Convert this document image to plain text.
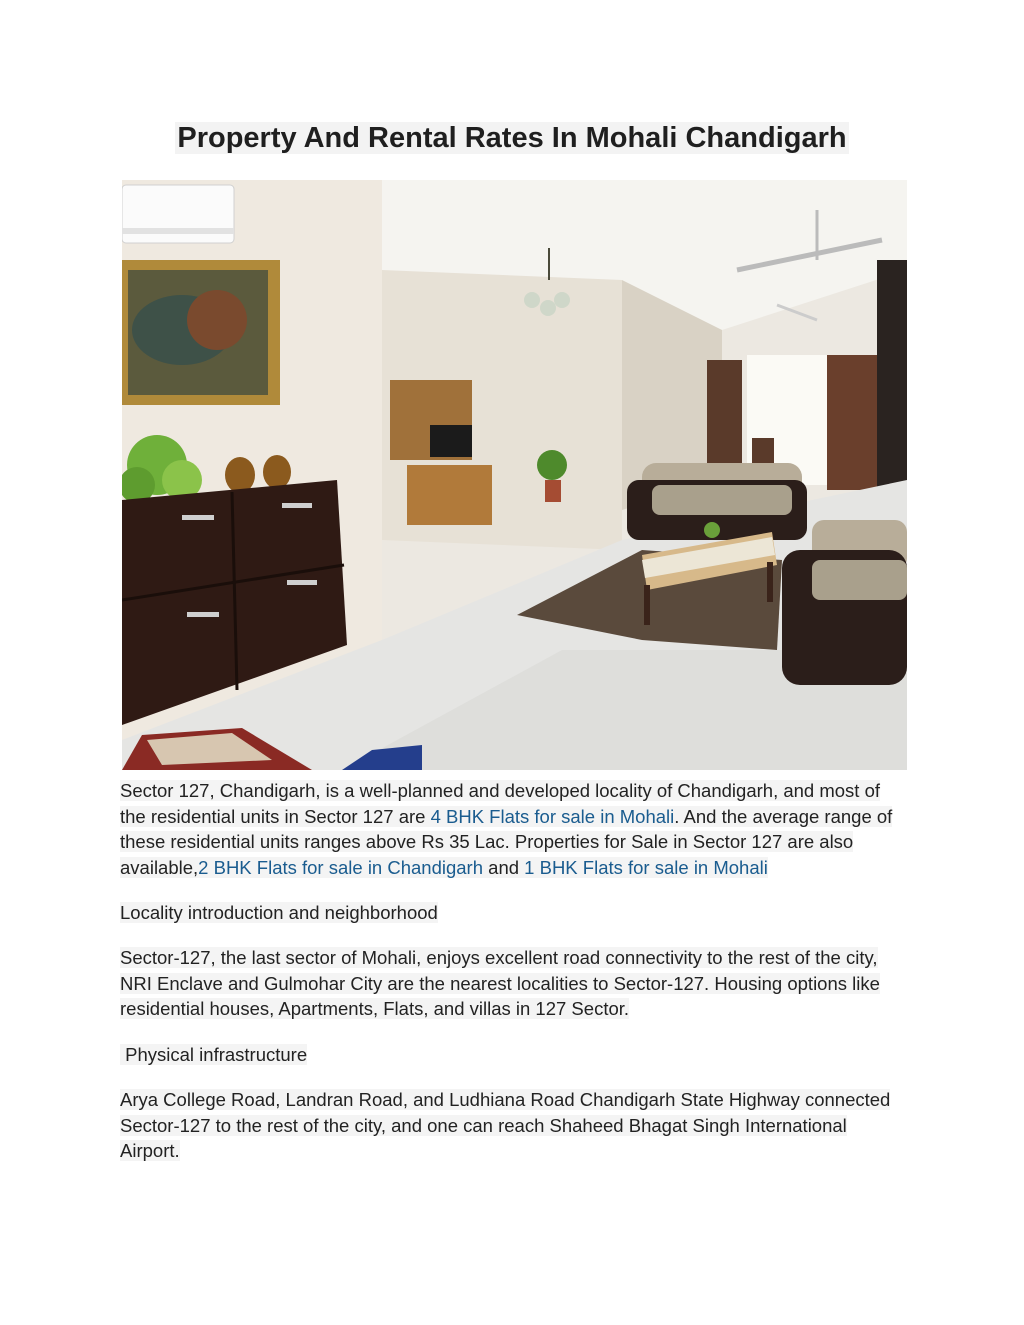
Property And Rental Rates In Mohali Chandigarh

Sector 127, Chandigarh, is a well-planned and developed locality of Chandigarh, and most of the residential units in Sector 127 are 4 BHK Flats for sale in Mohali. And the average range of these residential units ranges above Rs 35 Lac. Properties for Sale in Sector 127 are also available,2 BHK Flats for sale in Chandigarh and 1 BHK Flats for sale in Mohali

Locality introduction and neighborhood

Sector-127, the last sector of Mohali, enjoys excellent road connectivity to the rest of the city, NRI Enclave and Gulmohar City are the nearest localities to Sector-127. Housing options like residential houses, Apartments, Flats, and villas in 127 Sector.

Physical infrastructure

Arya College Road, Landran Road, and Ludhiana Road Chandigarh State Highway connected Sector-127 to the rest of the city, and one can reach Shaheed Bhagat Singh International Airport.
